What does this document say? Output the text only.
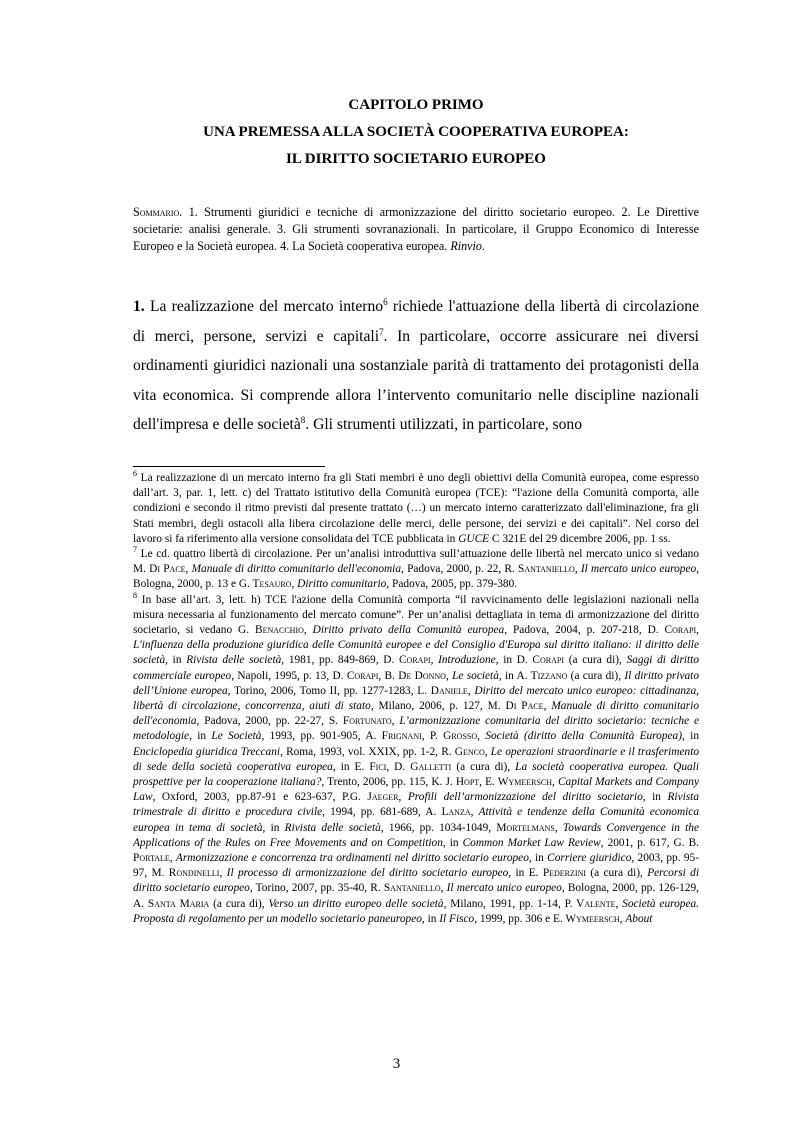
CAPITOLO PRIMO
UNA PREMESSA ALLA SOCIETÀ COOPERATIVA EUROPEA:
IL DIRITTO SOCIETARIO EUROPEO
Sommario. 1. Strumenti giuridici e tecniche di armonizzazione del diritto societario europeo. 2. Le Direttive societarie: analisi generale. 3. Gli strumenti sovranazionali. In particolare, il Gruppo Economico di Interesse Europeo e la Società europea. 4. La Società cooperativa europea. Rinvio.
1. La realizzazione del mercato interno$^6$ richiede l'attuazione della libertà di circolazione di merci, persone, servizi e capitali$^7$. In particolare, occorre assicurare nei diversi ordinamenti giuridici nazionali una sostanziale parità di trattamento dei protagonisti della vita economica. Si comprende allora l’intervento comunitario nelle discipline nazionali dell'impresa e delle società$^8$. Gli strumenti utilizzati, in particolare, sono

$^6$ La realizzazione di un mercato interno fra gli Stati membri è uno degli obiettivi della Comunità europea, come espresso dall’art. 3, par. 1, lett. c) del Trattato istitutivo della Comunità europea (TCE): “l'azione della Comunità comporta, alle condizioni e secondo il ritmo previsti dal presente trattato (…) un mercato interno caratterizzato dall'eliminazione, fra gli Stati membri, degli ostacoli alla libera circolazione delle merci, delle persone, dei servizi e dei capitali”. Nel corso del lavoro si fa riferimento alla versione consolidata del TCE pubblicata in GUCE C 321E del 29 dicembre 2006, pp. 1 ss.

$^7$ Le cd. quattro libertà di circolazione. Per un’analisi introduttiva sull’attuazione delle libertà nel mercato unico si vedano M. Di Pace, Manuale di diritto comunitario dell'economia, Padova, 2000, p. 22, R. Santaniello, Il mercato unico europeo, Bologna, 2000, p. 13 e G. Tesauro, Diritto comunitario, Padova, 2005, pp. 379-380.

$^8$ In base all’art. 3, lett. h) TCE l'azione della Comunità comporta “il ravvicinamento delle legislazioni nazionali nella misura necessaria al funzionamento del mercato comune”. Per un’analisi dettagliata in tema di armonizzazione del diritto societario, si vedano G. Benacchio, Diritto privato della Comunità europea, Padova, 2004, p. 207-218, D. Corapi, L'influenza della produzione giuridica delle Comunità europee e del Consiglio d'Europa sul diritto italiano: il diritto delle società, in Rivista delle società, 1981, pp. 849-869, D. Corapi, Introduzione, in D. Corapi (a cura di), Saggi di diritto commerciale europeo, Napoli, 1995, p. 13, D. Corapi, B. De Donno, Le società, in A. Tizzano (a cura di), Il diritto privato dell’Unione europea, Torino, 2006, Tomo II, pp. 1277-1283, L. Daniele, Diritto del mercato unico europeo: cittadinanza, libertà di circolazione, concorrenza, aiuti di stato, Milano, 2006, p. 127, M. Di Pace, Manuale di diritto comunitario dell'economia, Padova, 2000, pp. 22-27, S. Fortunato, L’armonizzazione comunitaria del diritto societario: tecniche e metodologie, in Le Società, 1993, pp. 901-905, A. Frignani, P. Grosso, Società (diritto della Comunità Europea), in Enciclopedia giuridica Treccani, Roma, 1993, vol. XXIX, pp. 1-2, R. Genco, Le operazioni straordinarie e il trasferimento di sede della società cooperativa europea, in E. Fici, D. Galletti (a cura di), La società cooperativa europea. Quali prospettive per la cooperazione italiana?, Trento, 2006, pp. 115, K. J. Hopt, E. Wymeersch, Capital Markets and Company Law, Oxford, 2003, pp.87-91 e 623-637, P.G. Jaeger, Profili dell’armonizzazione del diritto societario, in Rivista trimestrale di diritto e procedura civile, 1994, pp. 681-689, A. Lanza, Attività e tendenze della Comunità economica europea in tema di società, in Rivista delle società, 1966, pp. 1034-1049, Mortelmans, Towards Convergence in the Applications of the Rules on Free Movements and on Competition, in Common Market Law Review, 2001, p. 617, G. B. Portale, Armonizzazione e concorrenza tra ordinamenti nel diritto societario europeo, in Corriere giuridico, 2003, pp. 95-97, M. Rondinelli, Il processo di armonizzazione del diritto societario europeo, in E. Pederzini (a cura di), Percorsi di diritto societario europeo, Torino, 2007, pp. 35-40, R. Santaniello, Il mercato unico europeo, Bologna, 2000, pp. 126-129, A. Santa Maria (a cura di), Verso un diritto europeo delle società, Milano, 1991, pp. 1-14, P. Valente, Società europea. Proposta di regolamento per un modello societario paneuropeo, in Il Fisco, 1999, pp. 306 e E. Wymeersch, About

3
